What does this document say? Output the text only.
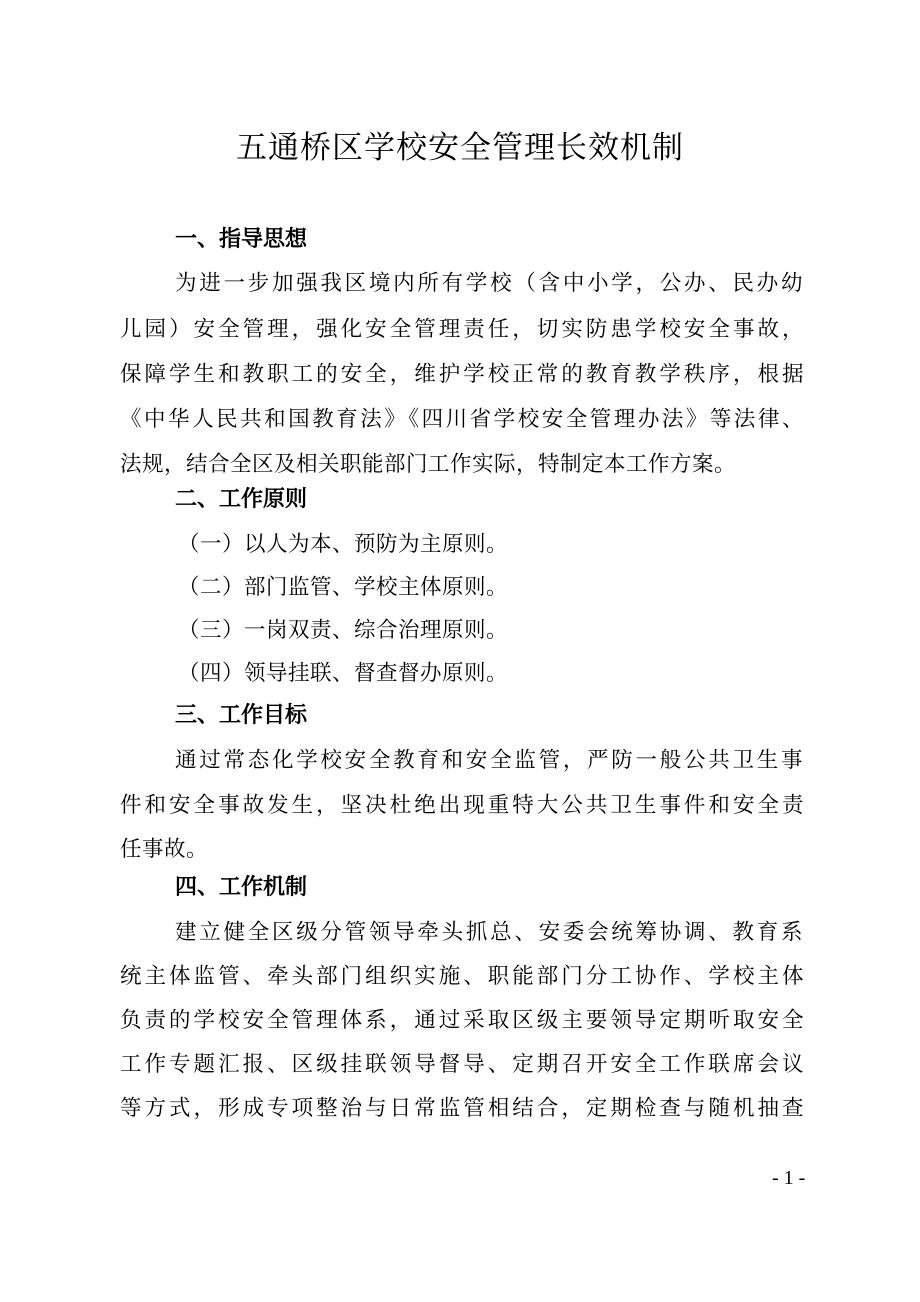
五通桥区学校安全管理长效机制
一、指导思想
为进一步加强我区境内所有学校（含中小学，公办、民办幼
儿园）安全管理，强化安全管理责任，切实防患学校安全事故，
保障学生和教职工的安全，维护学校正常的教育教学秩序，根据
《中华人民共和国教育法》《四川省学校安全管理办法》等法律、
法规，结合全区及相关职能部门工作实际，特制定本工作方案。
二、工作原则
（一）以人为本、预防为主原则。
（二）部门监管、学校主体原则。
（三）一岗双责、综合治理原则。
（四）领导挂联、督查督办原则。
三、工作目标
通过常态化学校安全教育和安全监管，严防一般公共卫生事
件和安全事故发生，坚决杜绝出现重特大公共卫生事件和安全责
任事故。
四、工作机制
建立健全区级分管领导牵头抓总、安委会统筹协调、教育系
统主体监管、牵头部门组织实施、职能部门分工协作、学校主体
负责的学校安全管理体系，通过采取区级主要领导定期听取安全
工作专题汇报、区级挂联领导督导、定期召开安全工作联席会议
等方式，形成专项整治与日常监管相结合，定期检查与随机抽查
- 1 -
